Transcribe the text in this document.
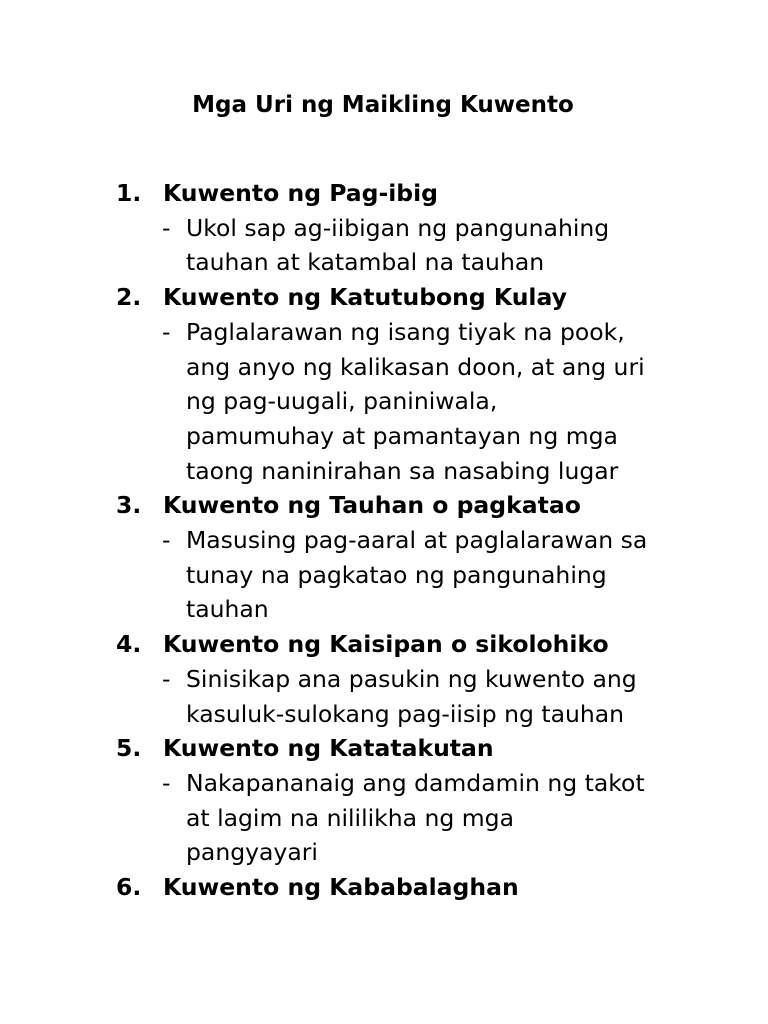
Mga Uri ng Maikling Kuwento
1. Kuwento ng Pag-ibig
- Ukol sap ag-iibigan ng pangunahing
tauhan at katambal na tauhan
2. Kuwento ng Katutubong Kulay
- Paglalarawan ng isang tiyak na pook,
ang anyo ng kalikasan doon, at ang uri
ng pag-uugali, paniniwala,
pamumuhay at pamantayan ng mga
taong naninirahan sa nasabing lugar
3. Kuwento ng Tauhan o pagkatao
- Masusing pag-aaral at paglalarawan sa
tunay na pagkatao ng pangunahing
tauhan
4. Kuwento ng Kaisipan o sikolohiko
- Sinisikap ana pasukin ng kuwento ang
kasuluk-sulokang pag-iisip ng tauhan
5. Kuwento ng Katatakutan
- Nakapananaig ang damdamin ng takot
at lagim na nililikha ng mga
pangyayari
6. Kuwento ng Kababalaghan
